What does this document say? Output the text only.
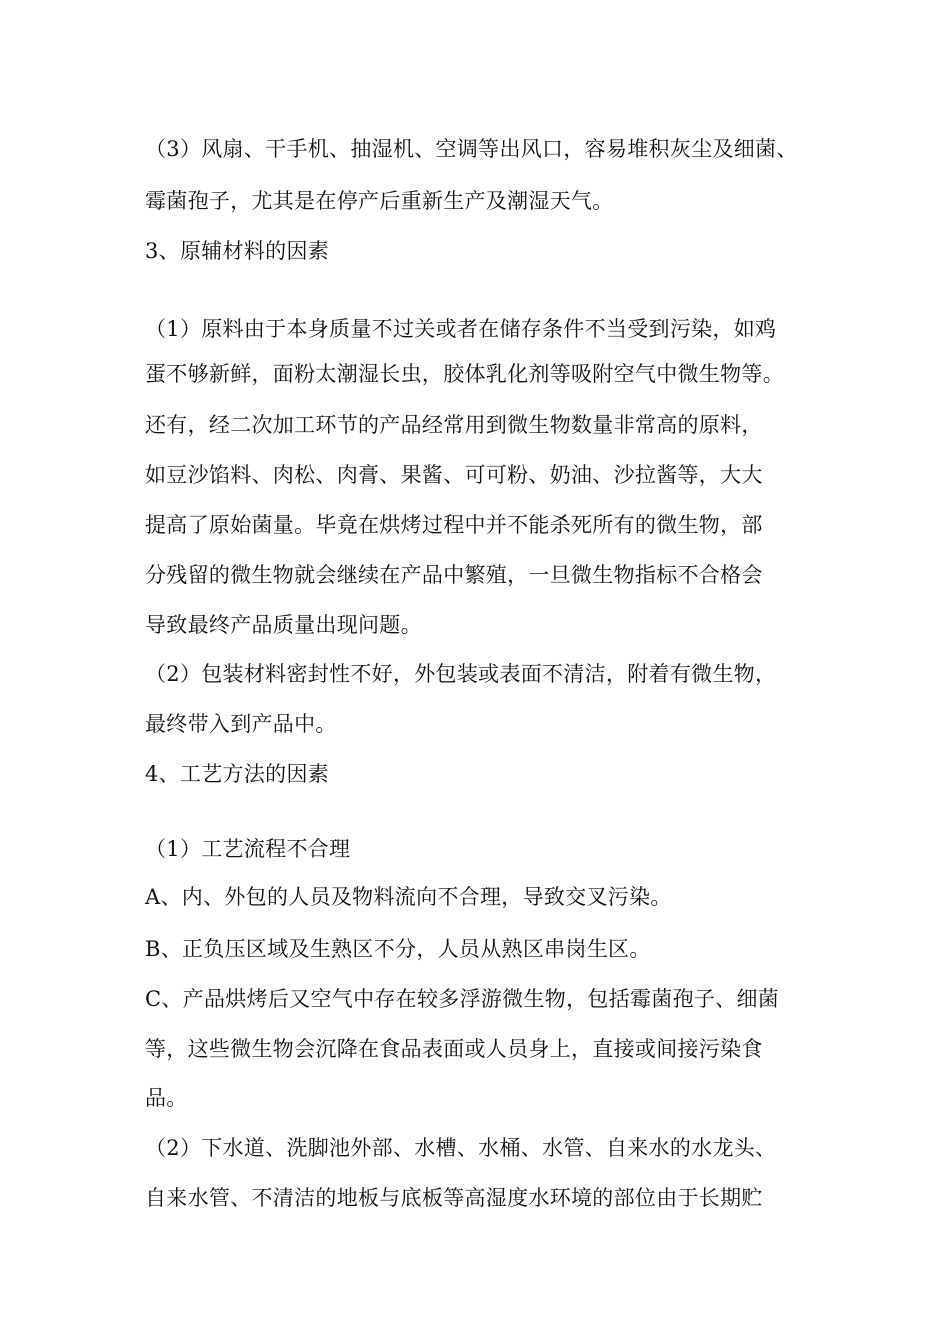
（3）风扇、干手机、抽湿机、空调等出风口，容易堆积灰尘及细菌、
霉菌孢子，尤其是在停产后重新生产及潮湿天气。
3、原辅材料的因素
（1）原料由于本身质量不过关或者在储存条件不当受到污染，如鸡
蛋不够新鲜，面粉太潮湿长虫，胶体乳化剂等吸附空气中微生物等。
还有，经二次加工环节的产品经常用到微生物数量非常高的原料，
如豆沙馅料、肉松、肉膏、果酱、可可粉、奶油、沙拉酱等，大大
提高了原始菌量。毕竟在烘烤过程中并不能杀死所有的微生物，部
分残留的微生物就会继续在产品中繁殖，一旦微生物指标不合格会
导致最终产品质量出现问题。
（2）包装材料密封性不好，外包装或表面不清洁，附着有微生物，
最终带入到产品中。
4、工艺方法的因素
（1）工艺流程不合理
A、内、外包的人员及物料流向不合理，导致交叉污染。
B、正负压区域及生熟区不分，人员从熟区串岗生区。
C、产品烘烤后又空气中存在较多浮游微生物，包括霉菌孢子、细菌
等，这些微生物会沉降在食品表面或人员身上，直接或间接污染食
品。
（2）下水道、洗脚池外部、水槽、水桶、水管、自来水的水龙头、
自来水管、不清洁的地板与底板等高湿度水环境的部位由于长期贮
